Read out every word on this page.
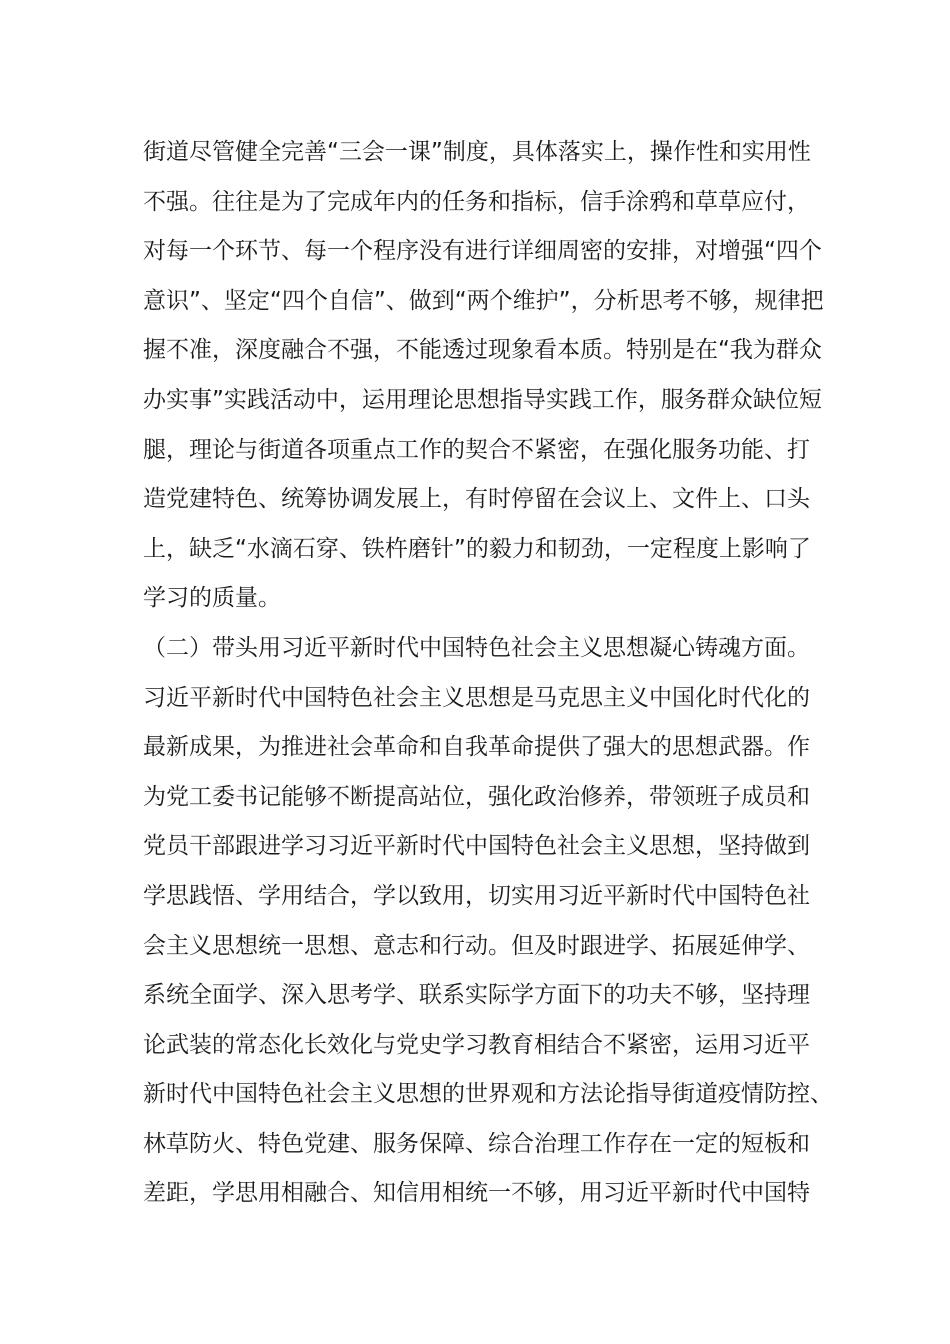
街道尽管健全完善“三会一课”制度，具体落实上，操作性和实用性
不强。往往是为了完成年内的任务和指标，信手涂鸦和草草应付，
对每一个环节、每一个程序没有进行详细周密的安排，对增强“四个
意识”、坚定“四个自信”、做到“两个维护”，分析思考不够，规律把
握不准，深度融合不强，不能透过现象看本质。特别是在“我为群众
办实事”实践活动中，运用理论思想指导实践工作，服务群众缺位短
腿，理论与街道各项重点工作的契合不紧密，在强化服务功能、打
造党建特色、统筹协调发展上，有时停留在会议上、文件上、口头
上，缺乏“水滴石穿、铁杵磨针”的毅力和韧劲，一定程度上影响了
学习的质量。
（二）带头用习近平新时代中国特色社会主义思想凝心铸魂方面。
习近平新时代中国特色社会主义思想是马克思主义中国化时代化的
最新成果，为推进社会革命和自我革命提供了强大的思想武器。作
为党工委书记能够不断提高站位，强化政治修养，带领班子成员和
党员干部跟进学习习近平新时代中国特色社会主义思想，坚持做到
学思践悟、学用结合，学以致用，切实用习近平新时代中国特色社
会主义思想统一思想、意志和行动。但及时跟进学、拓展延伸学、
系统全面学、深入思考学、联系实际学方面下的功夫不够，坚持理
论武装的常态化长效化与党史学习教育相结合不紧密，运用习近平
新时代中国特色社会主义思想的世界观和方法论指导街道疫情防控、
林草防火、特色党建、服务保障、综合治理工作存在一定的短板和
差距，学思用相融合、知信用相统一不够，用习近平新时代中国特
